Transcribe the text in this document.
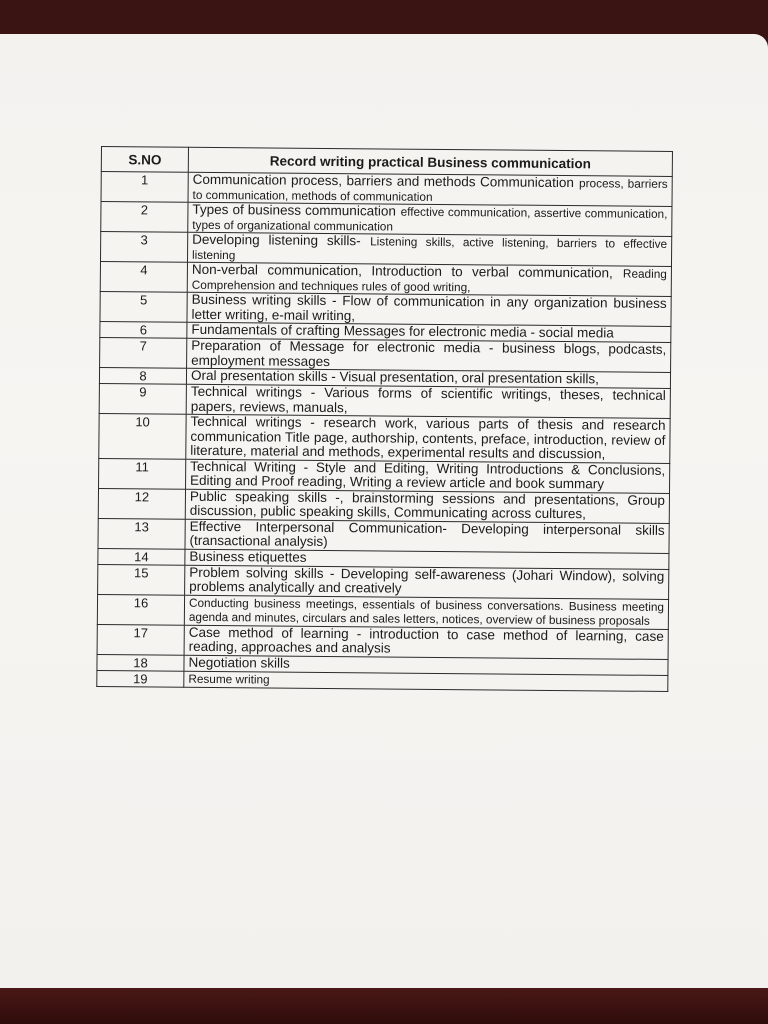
S.NO	Record writing practical Business communication
1	Communication process, barriers and methods Communication process, barriers to communication, methods of communication
2	Types of business communication effective communication, assertive communication, types of organizational communication
3	Developing listening skills- Listening skills, active listening, barriers to effective listening
4	Non-verbal communication, Introduction to verbal communication, Reading Comprehension and techniques rules of good writing,
5	Business writing skills - Flow of communication in any organization business letter writing, e-mail writing,
6	Fundamentals of crafting Messages for electronic media - social media
7	Preparation of Message for electronic media - business blogs, podcasts, employment messages
8	Oral presentation skills - Visual presentation, oral presentation skills,
9	Technical writings - Various forms of scientific writings, theses, technical papers, reviews, manuals,
10	Technical writings - research work, various parts of thesis and research communication Title page, authorship, contents, preface, introduction, review of literature, material and methods, experimental results and discussion,
11	Technical Writing - Style and Editing, Writing Introductions & Conclusions, Editing and Proof reading, Writing a review article and book summary
12	Public speaking skills -, brainstorming sessions and presentations, Group discussion, public speaking skills, Communicating across cultures,
13	Effective Interpersonal Communication- Developing interpersonal skills (transactional analysis)
14	Business etiquettes
15	Problem solving skills - Developing self-awareness (Johari Window), solving problems analytically and creatively
16	Conducting business meetings, essentials of business conversations. Business meeting agenda and minutes, circulars and sales letters, notices, overview of business proposals
17	Case method of learning - introduction to case method of learning, case reading, approaches and analysis
18	Negotiation skills
19	Resume writing
